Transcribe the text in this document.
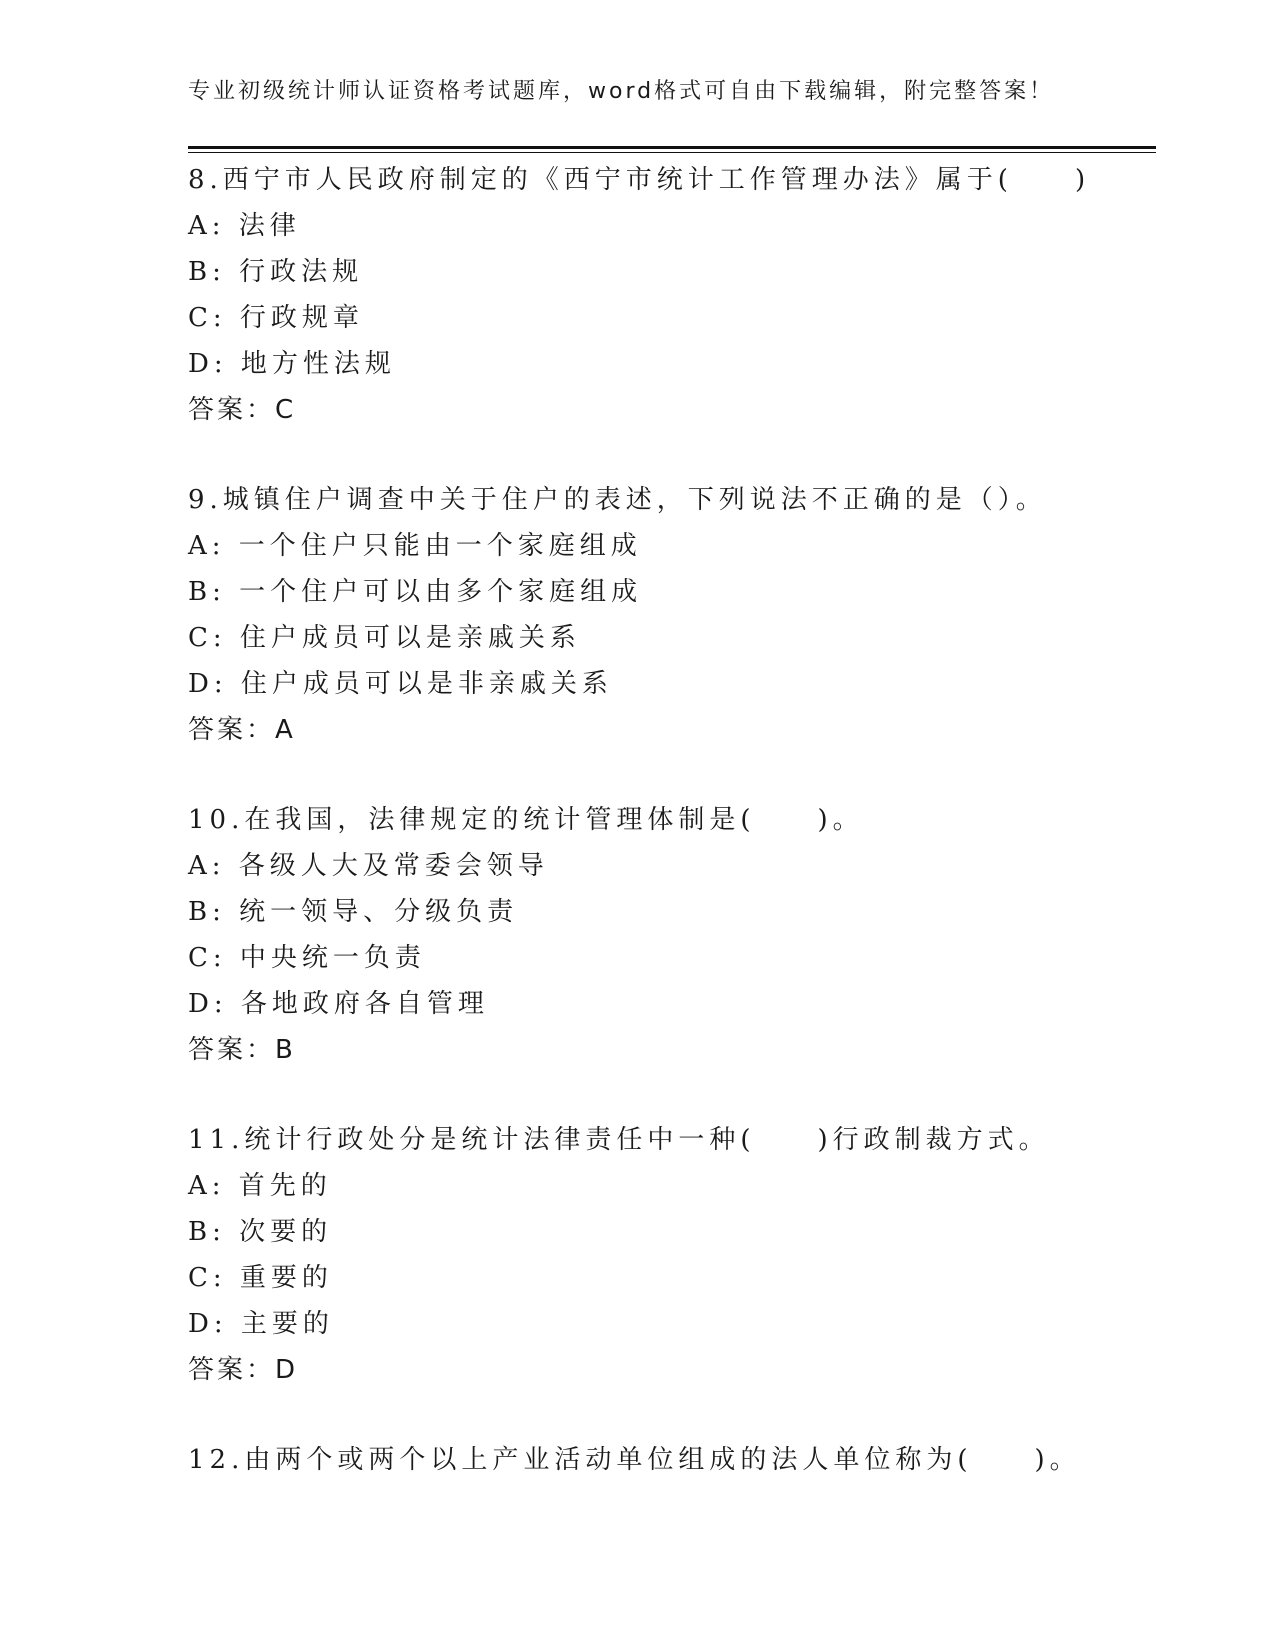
专业初级统计师认证资格考试题库，word格式可自由下载编辑，附完整答案！
8.西宁市人民政府制定的《西宁市统计工作管理办法》属于(　　)
A: 法律
B: 行政法规
C: 行政规章
D: 地方性法规
答案：C
9.城镇住户调查中关于住户的表述，下列说法不正确的是（）。
A: 一个住户只能由一个家庭组成
B: 一个住户可以由多个家庭组成
C: 住户成员可以是亲戚关系
D: 住户成员可以是非亲戚关系
答案：A
10.在我国，法律规定的统计管理体制是(　　)。
A: 各级人大及常委会领导
B: 统一领导、分级负责
C: 中央统一负责
D: 各地政府各自管理
答案：B
11.统计行政处分是统计法律责任中一种(　　)行政制裁方式。
A: 首先的
B: 次要的
C: 重要的
D: 主要的
答案：D
12.由两个或两个以上产业活动单位组成的法人单位称为(　　)。
